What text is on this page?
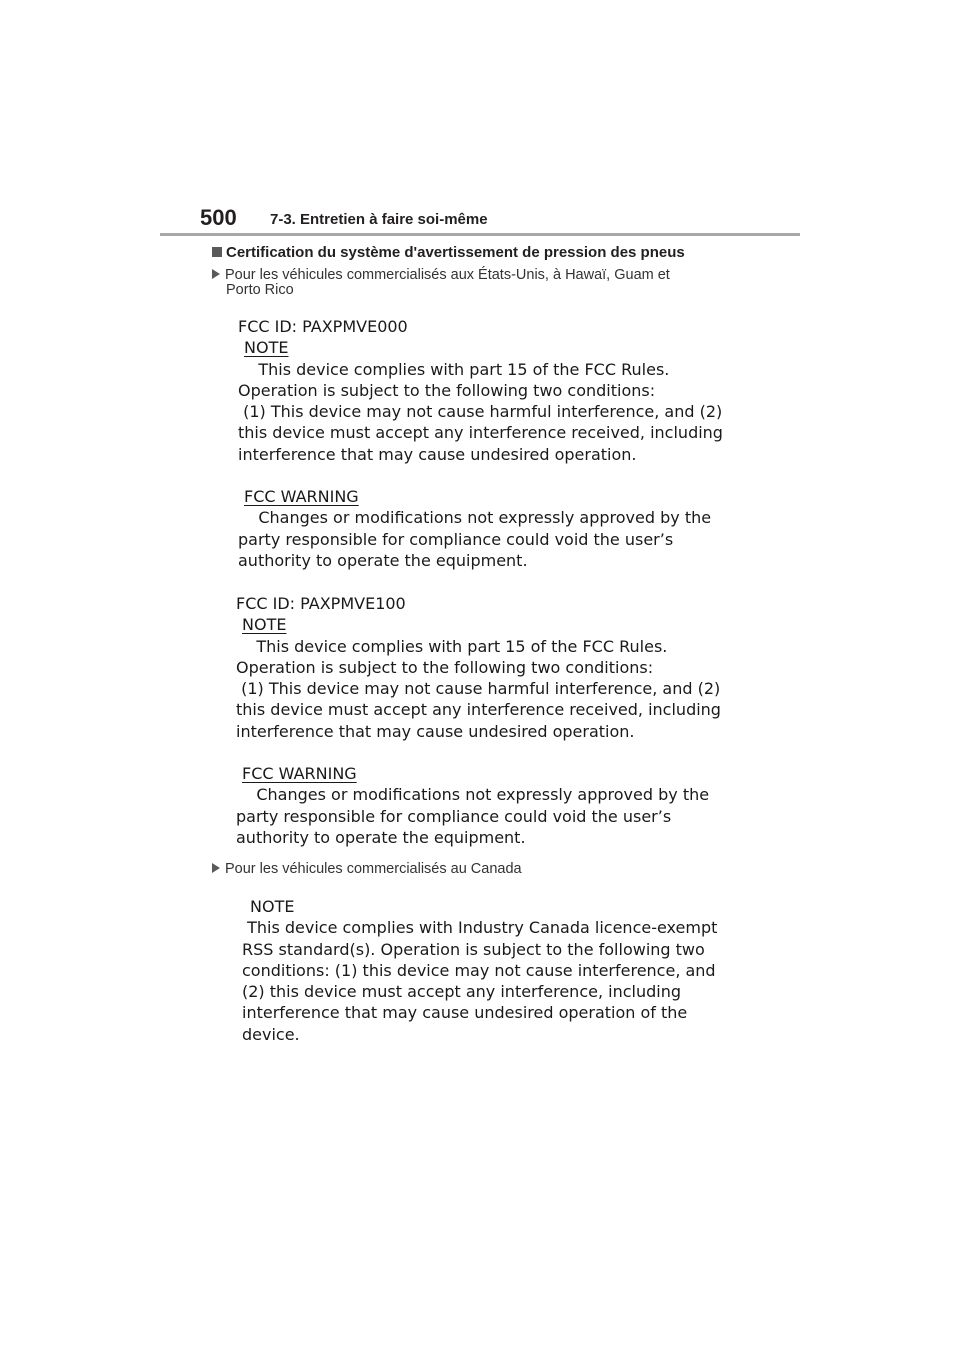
500 7-3. Entretien à faire soi-même
Certification du système d'avertissement de pression des pneus
Pour les véhicules commercialisés aux États-Unis, à Hawaï, Guam et
Porto Rico
FCC ID: PAXPMVE000
NOTE
This device complies with part 15 of the FCC Rules.
Operation is subject to the following two conditions:
(1) This device may not cause harmful interference, and (2)
this device must accept any interference received, including
interference that may cause undesired operation.
FCC WARNING
Changes or modifications not expressly approved by the
party responsible for compliance could void the user’s
authority to operate the equipment.
FCC ID: PAXPMVE100
NOTE
This device complies with part 15 of the FCC Rules.
Operation is subject to the following two conditions:
(1) This device may not cause harmful interference, and (2)
this device must accept any interference received, including
interference that may cause undesired operation.
FCC WARNING
Changes or modifications not expressly approved by the
party responsible for compliance could void the user’s
authority to operate the equipment.
Pour les véhicules commercialisés au Canada
NOTE
This device complies with Industry Canada licence-exempt
RSS standard(s). Operation is subject to the following two
conditions: (1) this device may not cause interference, and
(2) this device must accept any interference, including
interference that may cause undesired operation of the
device.
